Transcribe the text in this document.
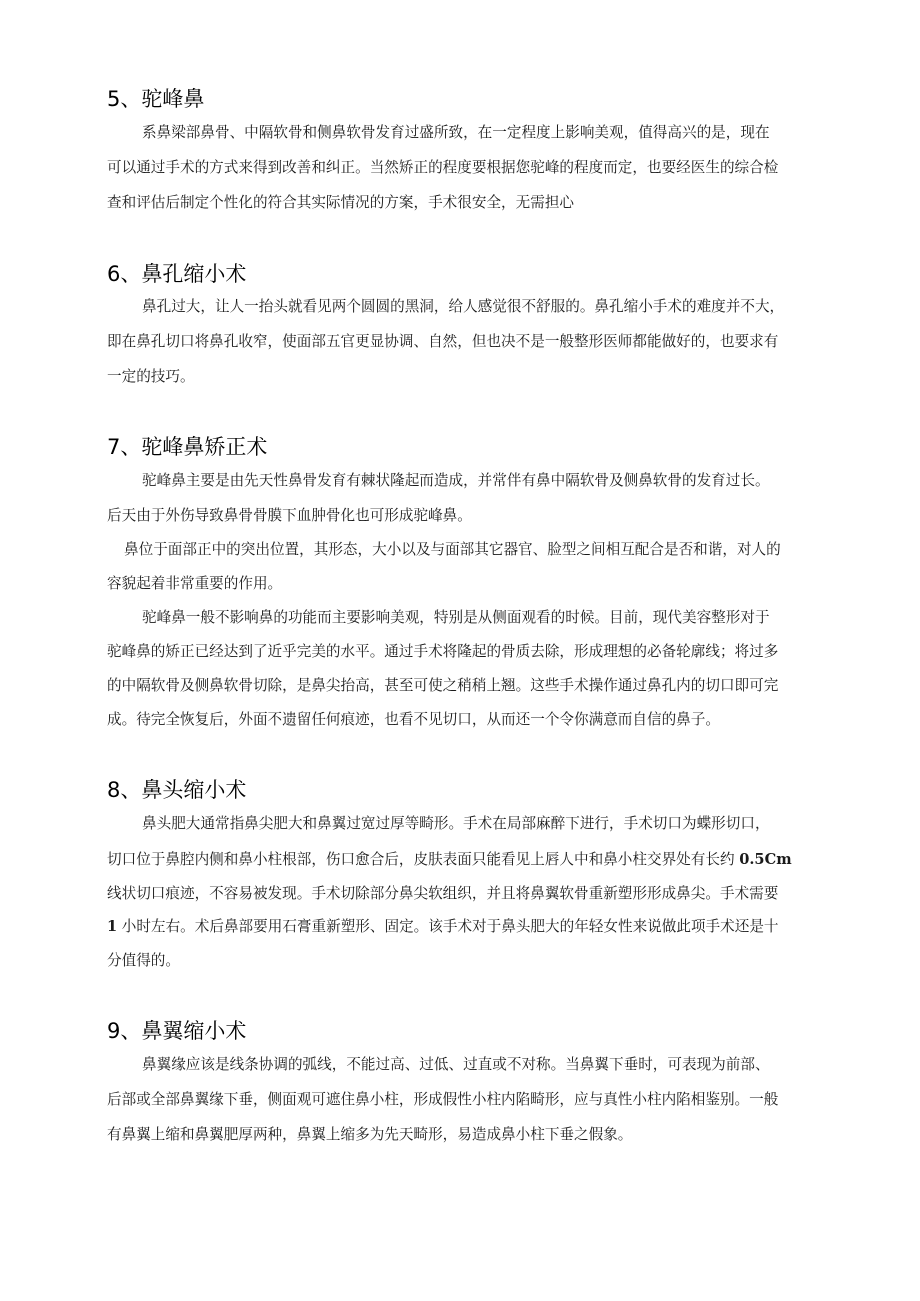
5、驼峰鼻

系鼻梁部鼻骨、中隔软骨和侧鼻软骨发育过盛所致，在一定程度上影响美观，值得高兴的是，现在

可以通过手术的方式来得到改善和纠正。当然矫正的程度要根据您驼峰的程度而定，也要经医生的综合检

查和评估后制定个性化的符合其实际情况的方案，手术很安全，无需担心

6、鼻孔缩小术

鼻孔过大，让人一抬头就看见两个圆圆的黑洞，给人感觉很不舒服的。鼻孔缩小手术的难度并不大，

即在鼻孔切口将鼻孔收窄，使面部五官更显协调、自然，但也决不是一般整形医师都能做好的，也要求有

一定的技巧。

7、驼峰鼻矫正术

驼峰鼻主要是由先天性鼻骨发育有棘状隆起而造成，并常伴有鼻中隔软骨及侧鼻软骨的发育过长。

后天由于外伤导致鼻骨骨膜下血肿骨化也可形成驼峰鼻。

鼻位于面部正中的突出位置，其形态，大小以及与面部其它器官、脸型之间相互配合是否和谐，对人的

容貌起着非常重要的作用。

驼峰鼻一般不影响鼻的功能而主要影响美观，特别是从侧面观看的时候。目前，现代美容整形对于

驼峰鼻的矫正已经达到了近乎完美的水平。通过手术将隆起的骨质去除，形成理想的必备轮廓线；将过多

的中隔软骨及侧鼻软骨切除，是鼻尖抬高，甚至可使之稍稍上翘。这些手术操作通过鼻孔内的切口即可完

成。待完全恢复后，外面不遗留任何痕迹，也看不见切口，从而还一个令你满意而自信的鼻子。

8、鼻头缩小术

鼻头肥大通常指鼻尖肥大和鼻翼过宽过厚等畸形。手术在局部麻醉下进行，手术切口为蝶形切口，

切口位于鼻腔内侧和鼻小柱根部，伤口愈合后，皮肤表面只能看见上唇人中和鼻小柱交界处有长约 0.5Cm

线状切口痕迹，不容易被发现。手术切除部分鼻尖软组织，并且将鼻翼软骨重新塑形形成鼻尖。手术需要

1 小时左右。术后鼻部要用石膏重新塑形、固定。该手术对于鼻头肥大的年轻女性来说做此项手术还是十

分值得的。

9、鼻翼缩小术

鼻翼缘应该是线条协调的弧线，不能过高、过低、过直或不对称。当鼻翼下垂时，可表现为前部、

后部或全部鼻翼缘下垂，侧面观可遮住鼻小柱，形成假性小柱内陷畸形，应与真性小柱内陷相鉴别。一般

有鼻翼上缩和鼻翼肥厚两种，鼻翼上缩多为先天畸形，易造成鼻小柱下垂之假象。
